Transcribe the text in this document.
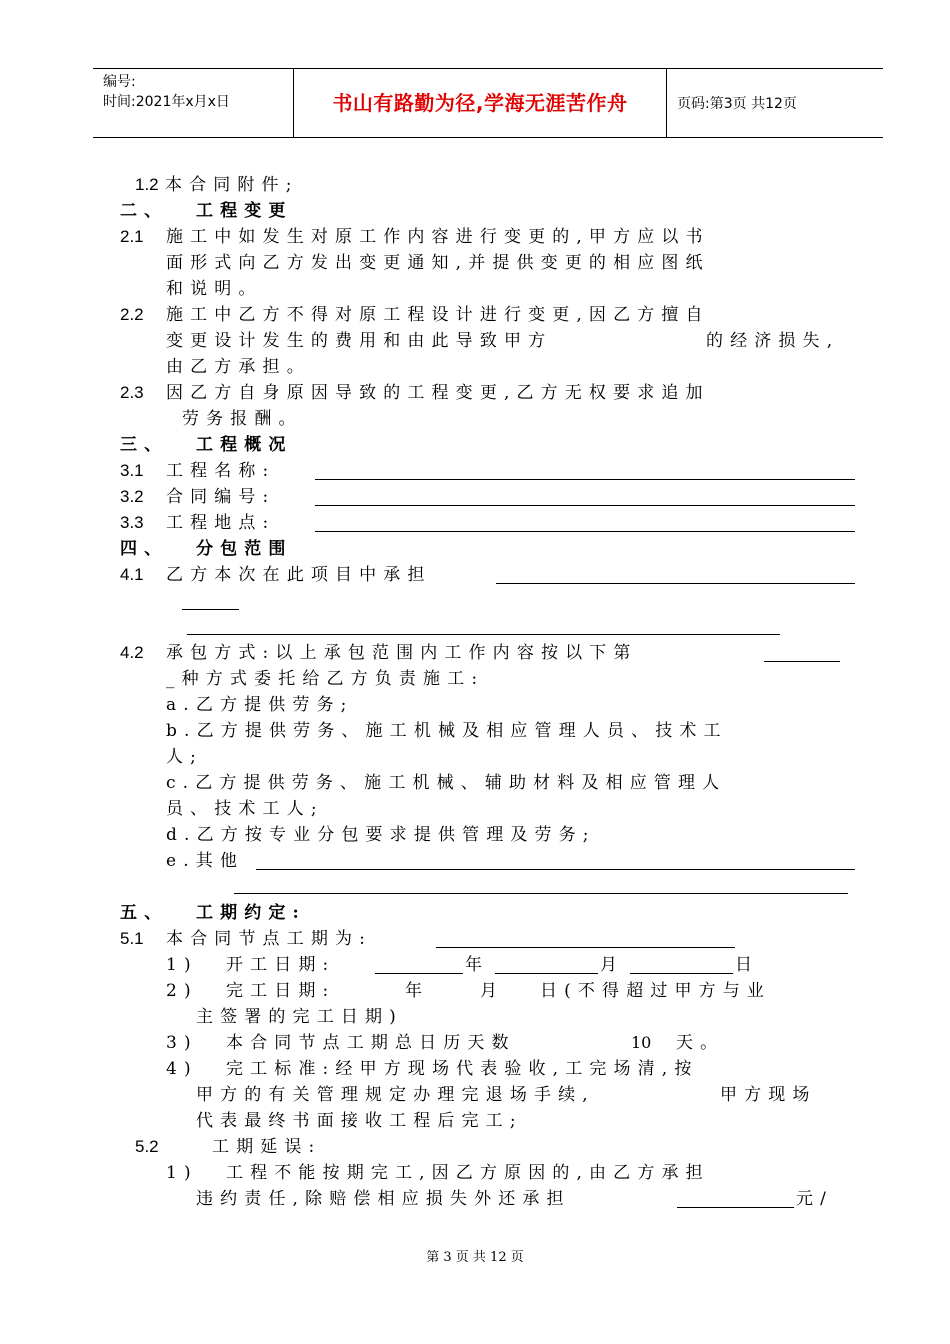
编号:
时间:2021年x月x日	书山有路勤为径,学海无涯苦作舟	页码:第3页 共12页
1.2 本合同附件;
二、 工程变更
2.1 施工中如发生对原工作内容进行变更的,甲方应以书
面形式向乙方发出变更通知,并提供变更的相应图纸
和说明。
2.2 施工中乙方不得对原工程设计进行变更,因乙方擅自
变更设计发生的费用和由此导致甲方	的经济损失,
由乙方承担。
2.3 因乙方自身原因导致的工程变更,乙方无权要求追加
劳务报酬。
三、 工程概况
3.1 工程名称:
3.2 合同编号:
3.3 工程地点:
四、 分包范围
4.1 乙方本次在此项目中承担
4.2 承包方式:以上承包范围内工作内容按以下第
_种方式委托给乙方负责施工:
a.乙方提供劳务;
b.乙方提供劳务、施工机械及相应管理人员、技术工
人;
c.乙方提供劳务、施工机械、辅助材料及相应管理人
员、技术工人;
d.乙方按专业分包要求提供管理及劳务;
e.其他
五、 工期约定:
5.1 本合同节点工期为:
1) 开工日期:	年	月	日
2) 完工日期:	年	月 日(不得超过甲方与业
主签署的完工日期)
3) 本合同节点工期总日历天数	10 天。
4) 完工标准:经甲方现场代表验收,工完场清,按
甲方的有关管理规定办理完退场手续,	甲方现场
代表最终书面接收工程后完工;
5.2	工期延误:
1) 工程不能按期完工,因乙方原因的,由乙方承担
违约责任,除赔偿相应损失外还承担	元/
第 3 页 共 12 页
